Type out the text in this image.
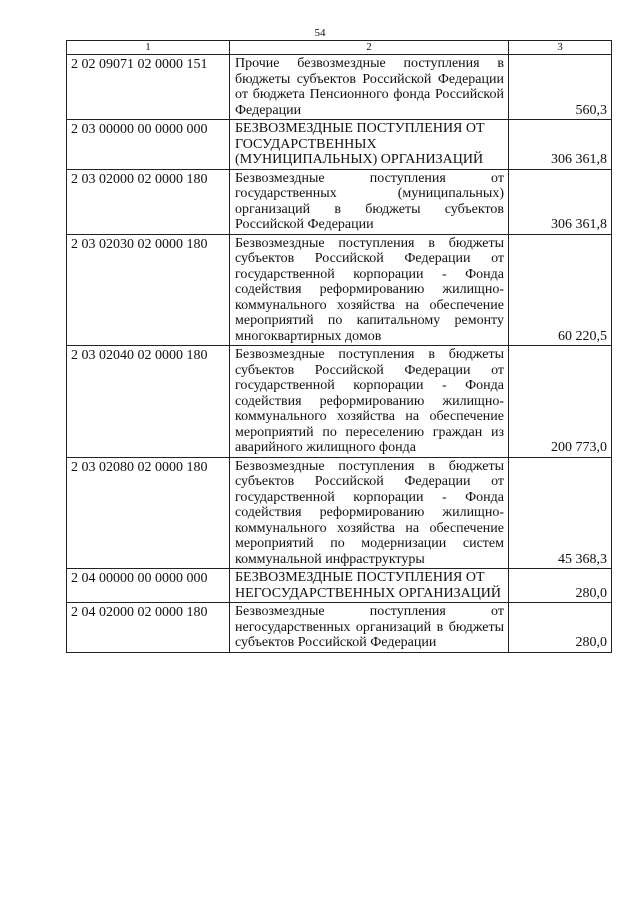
54
1	2	3
2 02 09071 02 0000 151	Прочие безвозмездные поступления в бюджеты субъектов Российской Федерации от бюджета Пенсионного фонда Российской Федерации	560,3
2 03 00000 00 0000 000	БЕЗВОЗМЕЗДНЫЕ ПОСТУПЛЕНИЯ ОТ ГОСУДАРСТВЕННЫХ (МУНИЦИПАЛЬНЫХ) ОРГАНИЗАЦИЙ	306 361,8
2 03 02000 02 0000 180	Безвозмездные поступления от государственных (муниципальных) организаций в бюджеты субъектов Российской Федерации	306 361,8
2 03 02030 02 0000 180	Безвозмездные поступления в бюджеты субъектов Российской Федерации от государственной корпорации - Фонда содействия реформированию жилищно-коммунального хозяйства на обеспечение мероприятий по капитальному ремонту многоквартирных домов	60 220,5
2 03 02040 02 0000 180	Безвозмездные поступления в бюджеты субъектов Российской Федерации от государственной корпорации - Фонда содействия реформированию жилищно-коммунального хозяйства на обеспечение мероприятий по переселению граждан из аварийного жилищного фонда	200 773,0
2 03 02080 02 0000 180	Безвозмездные поступления в бюджеты субъектов Российской Федерации от государственной корпорации - Фонда содействия реформированию жилищно-коммунального хозяйства на обеспечение мероприятий по модернизации систем коммунальной инфраструктуры	45 368,3
2 04 00000 00 0000 000	БЕЗВОЗМЕЗДНЫЕ ПОСТУПЛЕНИЯ ОТ НЕГОСУДАРСТВЕННЫХ ОРГАНИЗАЦИЙ	280,0
2 04 02000 02 0000 180	Безвозмездные поступления от негосударственных организаций в бюджеты субъектов Российской Федерации	280,0
